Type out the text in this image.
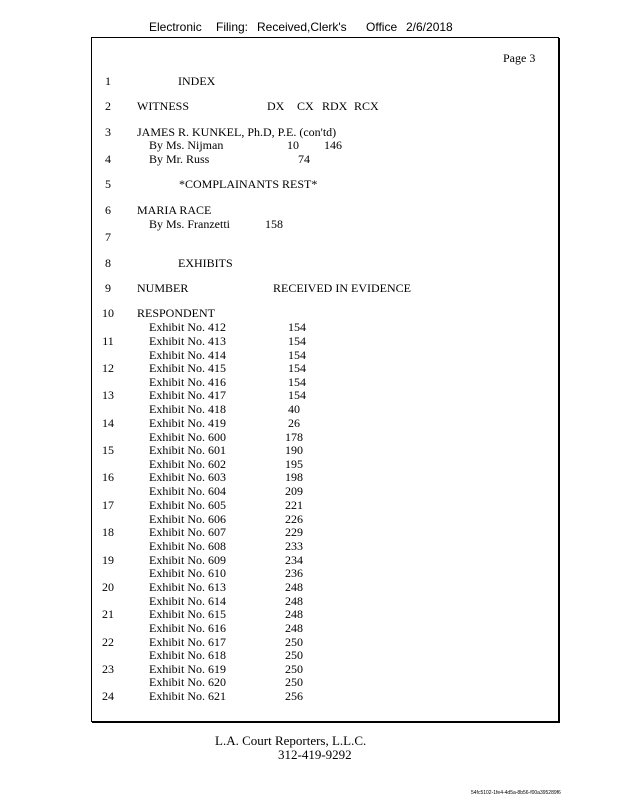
Electronic Filing: Received,Clerk's Office 2/6/2018
Page 3
1
2
3
4
5
6
7
8
9
10
11
12
13
14
15
16
17
18
19
20
21
22
23
24
INDEX
WITNESS	DX CX RDX RCX
JAMES R. KUNKEL, Ph.D, P.E. (con'td)
By Ms. Nijman	10 146
By Mr. Russ	74
*COMPLAINANTS REST*
MARIA RACE
By Ms. Franzetti	158
EXHIBITS
NUMBER	RECEIVED IN EVIDENCE
RESPONDENT
Exhibit No. 412	154
Exhibit No. 413	154
Exhibit No. 414	154
Exhibit No. 415	154
Exhibit No. 416	154
Exhibit No. 417	154
Exhibit No. 418	40
Exhibit No. 419	26
Exhibit No. 600	178
Exhibit No. 601	190
Exhibit No. 602	195
Exhibit No. 603	198
Exhibit No. 604	209
Exhibit No. 605	221
Exhibit No. 606	226
Exhibit No. 607	229
Exhibit No. 608	233
Exhibit No. 609	234
Exhibit No. 610	236
Exhibit No. 613	248
Exhibit No. 614	248
Exhibit No. 615	248
Exhibit No. 616	248
Exhibit No. 617	250
Exhibit No. 618	250
Exhibit No. 619	250
Exhibit No. 620	250
Exhibit No. 621	256
L.A. Court Reporters, L.L.C.
312-419-9292
54fc5102-1fe4-4d5a-8b56-f00a395289f6
